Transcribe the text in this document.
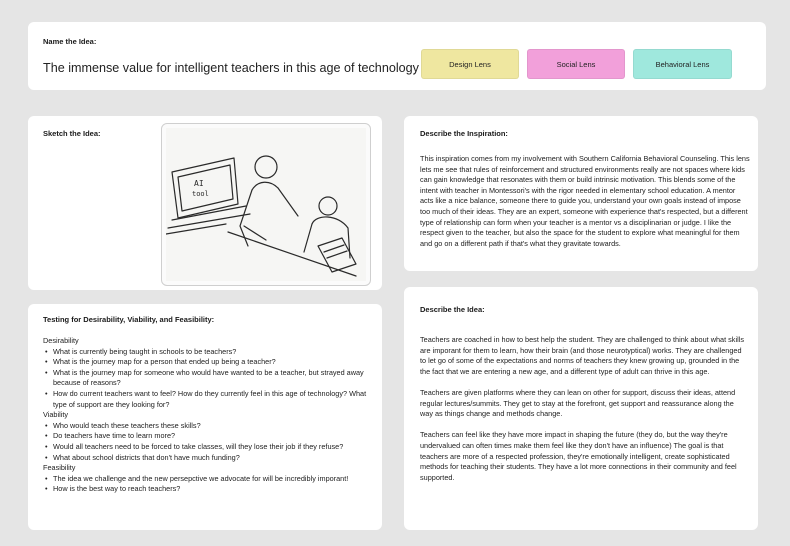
Name the Idea:
The immense value for intelligent teachers in this age of technology	Design Lens	Social Lens	Behavioral Lens
Sketch the Idea:
AI
tool
Describe the Inspiration:

This inspiration comes from my involvement with Southern California Behavioral Counseling. This lens lets me see that rules of reinforcement and structured environments really are not spaces where kids can gain knowledge that resonates with them or build intrinsic motivation. This blends some of the intent with teacher in Montessori's with the rigor needed in elementary school education. A mentor acts like a nice balance, someone there to guide you, understand your own goals instead of impose too much of their ideas. They are an expert, someone with experience that's respected, but a different type of relationship can form when your teacher is a mentor vs a disciplinarian or judge. I like the respect given to the teacher, but also the space for the student to explore what meaningful for them and go on a different path if that's what they gravitate towards.

Testing for Desirability, Viability, and Feasibility:
Desirability
• What is currently being taught in schools to be teachers?
• What is the journey map for a person that ended up being a teacher?
• What is the journey map for someone who would have wanted to be a teacher, but strayed away because of reasons?
• How do current teachers want to feel? How do they currently feel in this age of technology? What type of support are they looking for?
Viability
• Who would teach these teachers these skills?
• Do teachers have time to learn more?
• Would all teachers need to be forced to take classes, will they lose their job if they refuse?
• What about school districts that don't have much funding?
Feasibility
• The idea we challenge and the new persepctive we advocate for will be incredibly imporant!
• How is the best way to reach teachers?
Describe the Idea:

Teachers are coached in how to best help the student. They are challenged to think about what skills are imporant for them to learn, how their brain (and those neurotyptical) works. They are challenged to let go of some of the expectations and norms of teachers they knew growing up, grounded in the the fact that we are entering a new age, and a different type of adult can thrive in this age.

Teachers are given platforms where they can lean on other for support, discuss their ideas, attend regular lectures/summits. They get to stay at the forefront, get support and reassurance along the way as things change and methods change.

Teachers can feel like they have more impact in shaping the future (they do, but the way they're undervalued can often times make them feel like they don't have an influence) The goal is that teachers are more of a respected profession, they're emotionally intelligent, create sophisticated methods for teaching their students. They have a lot more connections in their community and feel supported.
